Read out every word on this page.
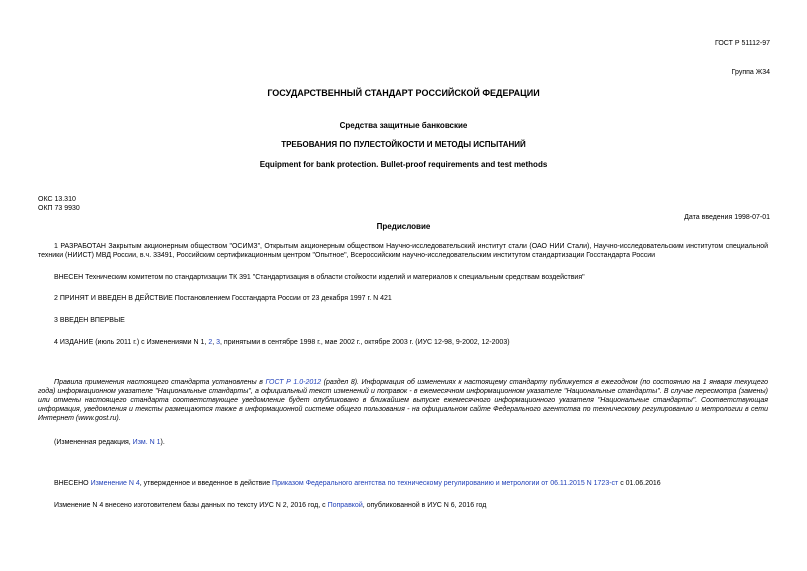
ГОСТ Р 51112-97
Группа Ж34
ГОСУДАРСТВЕННЫЙ СТАНДАРТ РОССИЙСКОЙ ФЕДЕРАЦИИ
Средства защитные банковские
ТРЕБОВАНИЯ ПО ПУЛЕСТОЙКОСТИ И МЕТОДЫ ИСПЫТАНИЙ
Equipment for bank protection. Bullet-proof requirements and test methods
ОКС 13.310
ОКП 73 9930
Дата введения 1998-07-01
Предисловие
1 РАЗРАБОТАН Закрытым акционерным обществом "ОСИМЗ", Открытым акционерным обществом Научно-исследовательский институт стали (ОАО НИИ Стали), Научно-исследовательским институтом специальной техники (НИИСТ) МВД России, в.ч. 33491, Российским сертификационным центром "Опытное", Всероссийским научно-исследовательским институтом стандартизации Госстандарта России
ВНЕСЕН Техническим комитетом по стандартизации ТК 391 "Стандартизация в области стойкости изделий и материалов к специальным средствам воздействия"
2 ПРИНЯТ И ВВЕДЕН В ДЕЙСТВИЕ Постановлением Госстандарта России от 23 декабря 1997 г. N 421
3 ВВЕДЕН ВПЕРВЫЕ
4 ИЗДАНИЕ (июль 2011 г.) с Изменениями N 1, 2, 3, принятыми в сентябре 1998 г., мае 2002 г., октябре 2003 г. (ИУС 12-98, 9-2002, 12-2003)
Правила применения настоящего стандарта установлены в ГОСТ Р 1.0-2012 (раздел 8). Информация об изменениях к настоящему стандарту публикуется в ежегодном (по состоянию на 1 января текущего года) информационном указателе "Национальные стандарты", а официальный текст изменений и поправок - в ежемесячном информационном указателе "Национальные стандарты". В случае пересмотра (замены) или отмены настоящего стандарта соответствующее уведомление будет опубликовано в ближайшем выпуске ежемесячного информационного указателя "Национальные стандарты". Соответствующая информация, уведомления и тексты размещаются также в информационной системе общего пользования - на официальном сайте Федерального агентства по техническому регулированию и метрологии в сети Интернет (www.gost.ru).
(Измененная редакция, Изм. N 1).
ВНЕСЕНО Изменение N 4, утвержденное и введенное в действие Приказом Федерального агентства по техническому регулированию и метрологии от 06.11.2015 N 1723-ст с 01.06.2016
Изменение N 4 внесено изготовителем базы данных по тексту ИУС N 2, 2016 год, с Поправкой, опубликованной в ИУС N 6, 2016 год
